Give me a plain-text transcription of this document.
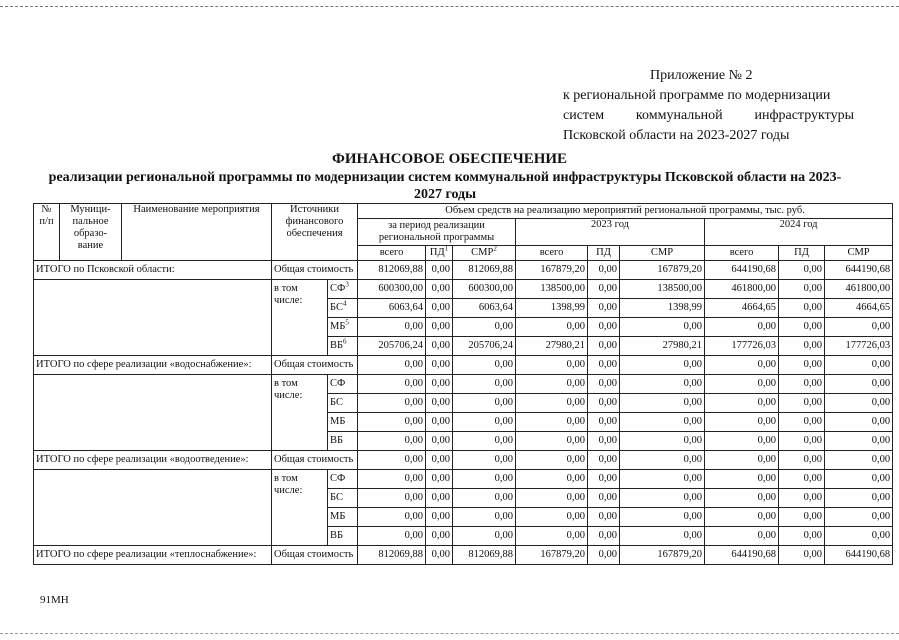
Приложение № 2
к региональной программе по модернизации
систем коммунальной инфраструктуры
Псковской области на 2023-2027 годы
ФИНАНСОВОЕ ОБЕСПЕЧЕНИЕ
реализации региональной программы по модернизации систем коммунальной инфраструктуры Псковской области на 2023-2027 годы
№ п/п	Муници-пальное образо-вание	Наименование мероприятия	Источники финансового обеспечения		Объем средств на реализацию мероприятий региональной программы, тыс. руб.								
					за период реализации региональной программы			2023 год			2024 год		
					всего	$ПД^1$	СМР$^2$	всего	ПД	СМР	всего	ПД	СМР
ИТОГО по Псковской области:			Общая стоимость		812069,88	0,00	812069,88	167879,20	0,00	167879,20	644190,68	0,00	644190,68
			в том числе:	$СФ^3$	600300,00	0,00	600300,00	138500,00	0,00	138500,00	461800,00	0,00	461800,00
				$БС^4$	6063,64	0,00	6063,64	1398,99	0,00	1398,99	4664,65	0,00	4664,65
				$МБ^5$	0,00	0,00	0,00	0,00	0,00	0,00	0,00	0,00	0,00
				$ВБ^6$	205706,24	0,00	205706,24	27980,21	0,00	27980,21	177726,03	0,00	177726,03
ИТОГО по сфере реализации «водоснабжение»:			Общая стоимость		0,00	0,00	0,00	0,00	0,00	0,00	0,00	0,00	0,00
			в том числе:	СФ	0,00	0,00	0,00	0,00	0,00	0,00	0,00	0,00	0,00
				БС	0,00	0,00	0,00	0,00	0,00	0,00	0,00	0,00	0,00
				МБ	0,00	0,00	0,00	0,00	0,00	0,00	0,00	0,00	0,00
				ВБ	0,00	0,00	0,00	0,00	0,00	0,00	0,00	0,00	0,00
ИТОГО по сфере реализации «водоотведение»:			Общая стоимость		0,00	0,00	0,00	0,00	0,00	0,00	0,00	0,00	0,00
			в том числе:	СФ	0,00	0,00	0,00	0,00	0,00	0,00	0,00	0,00	0,00
				БС	0,00	0,00	0,00	0,00	0,00	0,00	0,00	0,00	0,00
				МБ	0,00	0,00	0,00	0,00	0,00	0,00	0,00	0,00	0,00
				ВБ	0,00	0,00	0,00	0,00	0,00	0,00	0,00	0,00	0,00
ИТОГО по сфере реализации «теплоснабжение»:			Общая стоимость		812069,88	0,00	812069,88	167879,20	0,00	167879,20	644190,68	0,00	644190,68
91MH
